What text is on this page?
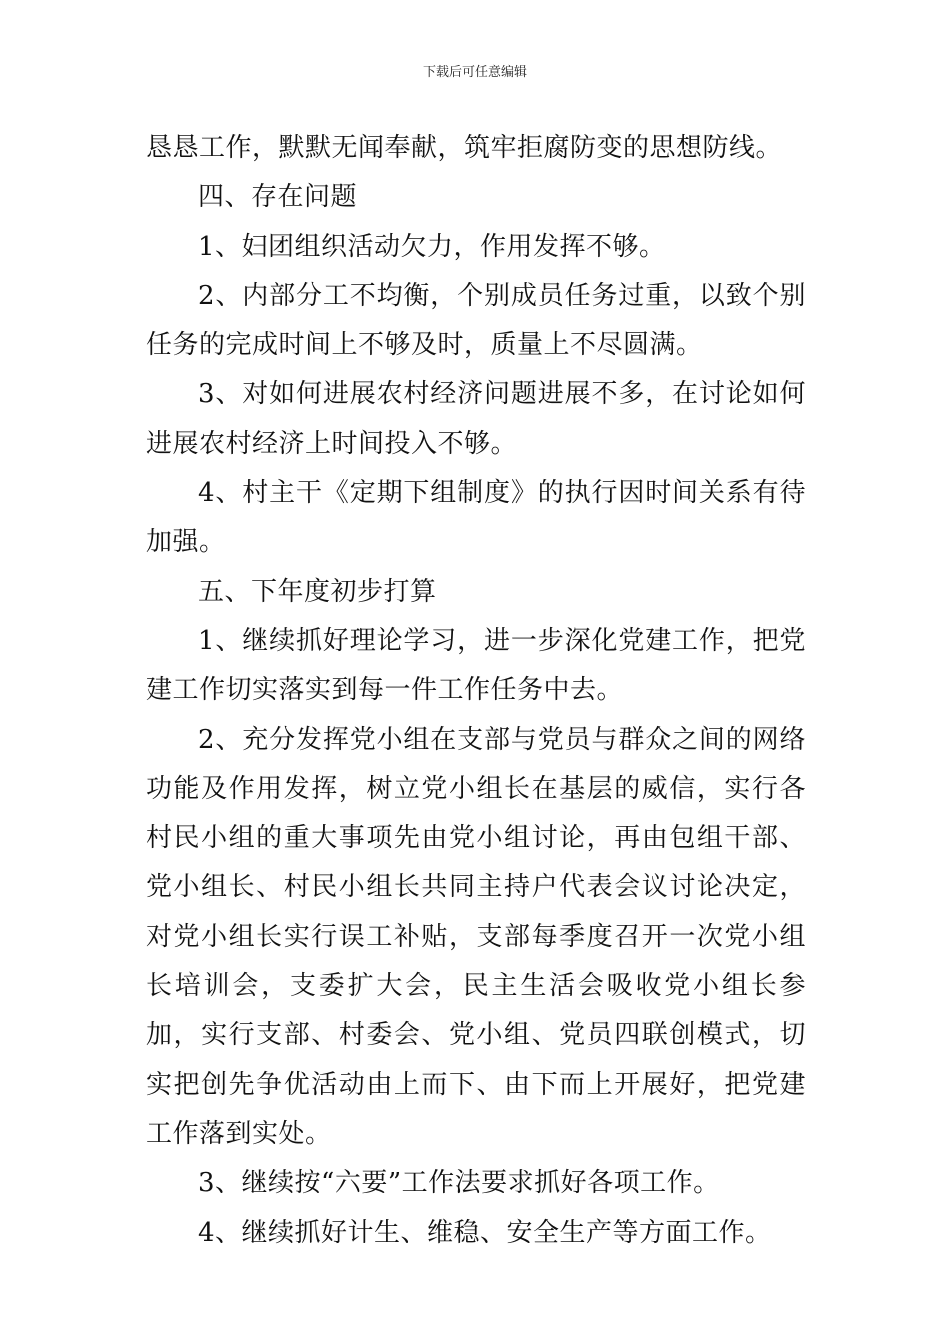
下载后可任意编辑

恳恳工作，默默无闻奉献，筑牢拒腐防变的思想防线。

四、存在问题

1、妇团组织活动欠力，作用发挥不够。

2、内部分工不均衡，个别成员任务过重，以致个别任务的完成时间上不够及时，质量上不尽圆满。

3、对如何进展农村经济问题进展不多，在讨论如何进展农村经济上时间投入不够。

4、村主干《定期下组制度》的执行因时间关系有待加强。

五、下年度初步打算

1、继续抓好理论学习，进一步深化党建工作，把党建工作切实落实到每一件工作任务中去。

2、充分发挥党小组在支部与党员与群众之间的网络功能及作用发挥，树立党小组长在基层的威信，实行各村民小组的重大事项先由党小组讨论，再由包组干部、党小组长、村民小组长共同主持户代表会议讨论决定，对党小组长实行误工补贴，支部每季度召开一次党小组长培训会，支委扩大会，民主生活会吸收党小组长参加，实行支部、村委会、党小组、党员四联创模式，切实把创先争优活动由上而下、由下而上开展好，把党建工作落到实处。

3、继续按“六要”工作法要求抓好各项工作。

4、继续抓好计生、维稳、安全生产等方面工作。
